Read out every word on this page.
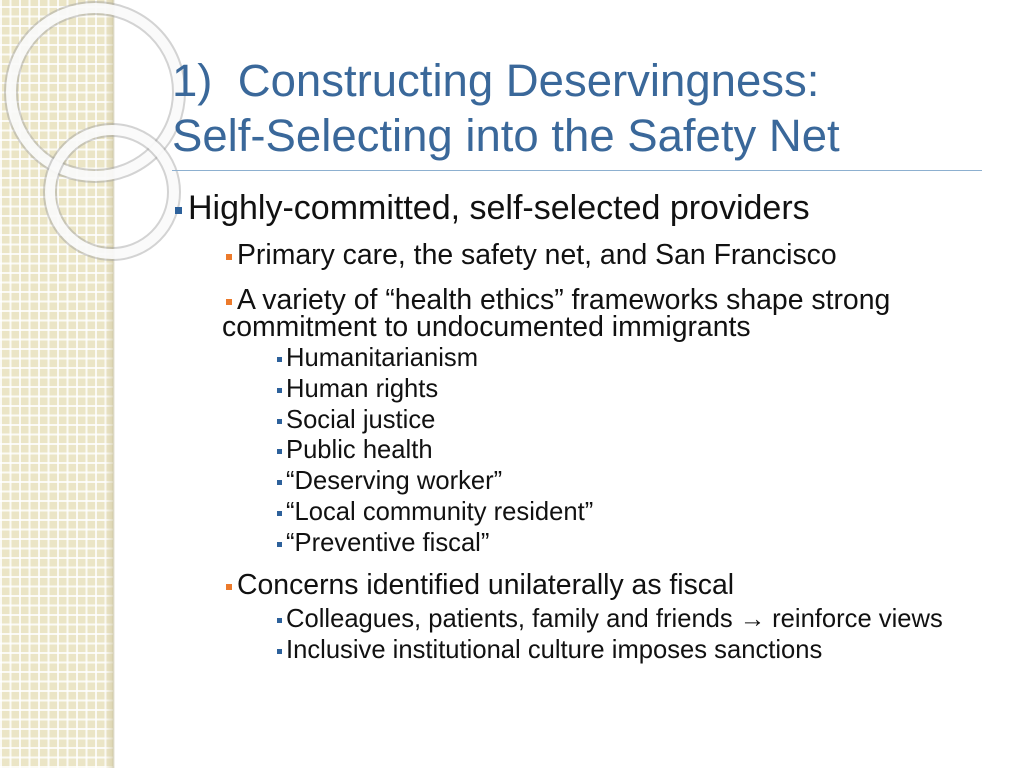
1)  Constructing Deservingness:
Self-Selecting into the Safety Net
Highly-committed, self-selected providers
Primary care, the safety net, and San Francisco
A variety of “health ethics” frameworks shape strong commitment to undocumented immigrants
Humanitarianism
Human rights
Social justice
Public health
“Deserving worker”
“Local community resident”
“Preventive fiscal”
Concerns identified unilaterally as fiscal
Colleagues, patients, family and friends → reinforce views
Inclusive institutional culture imposes sanctions
